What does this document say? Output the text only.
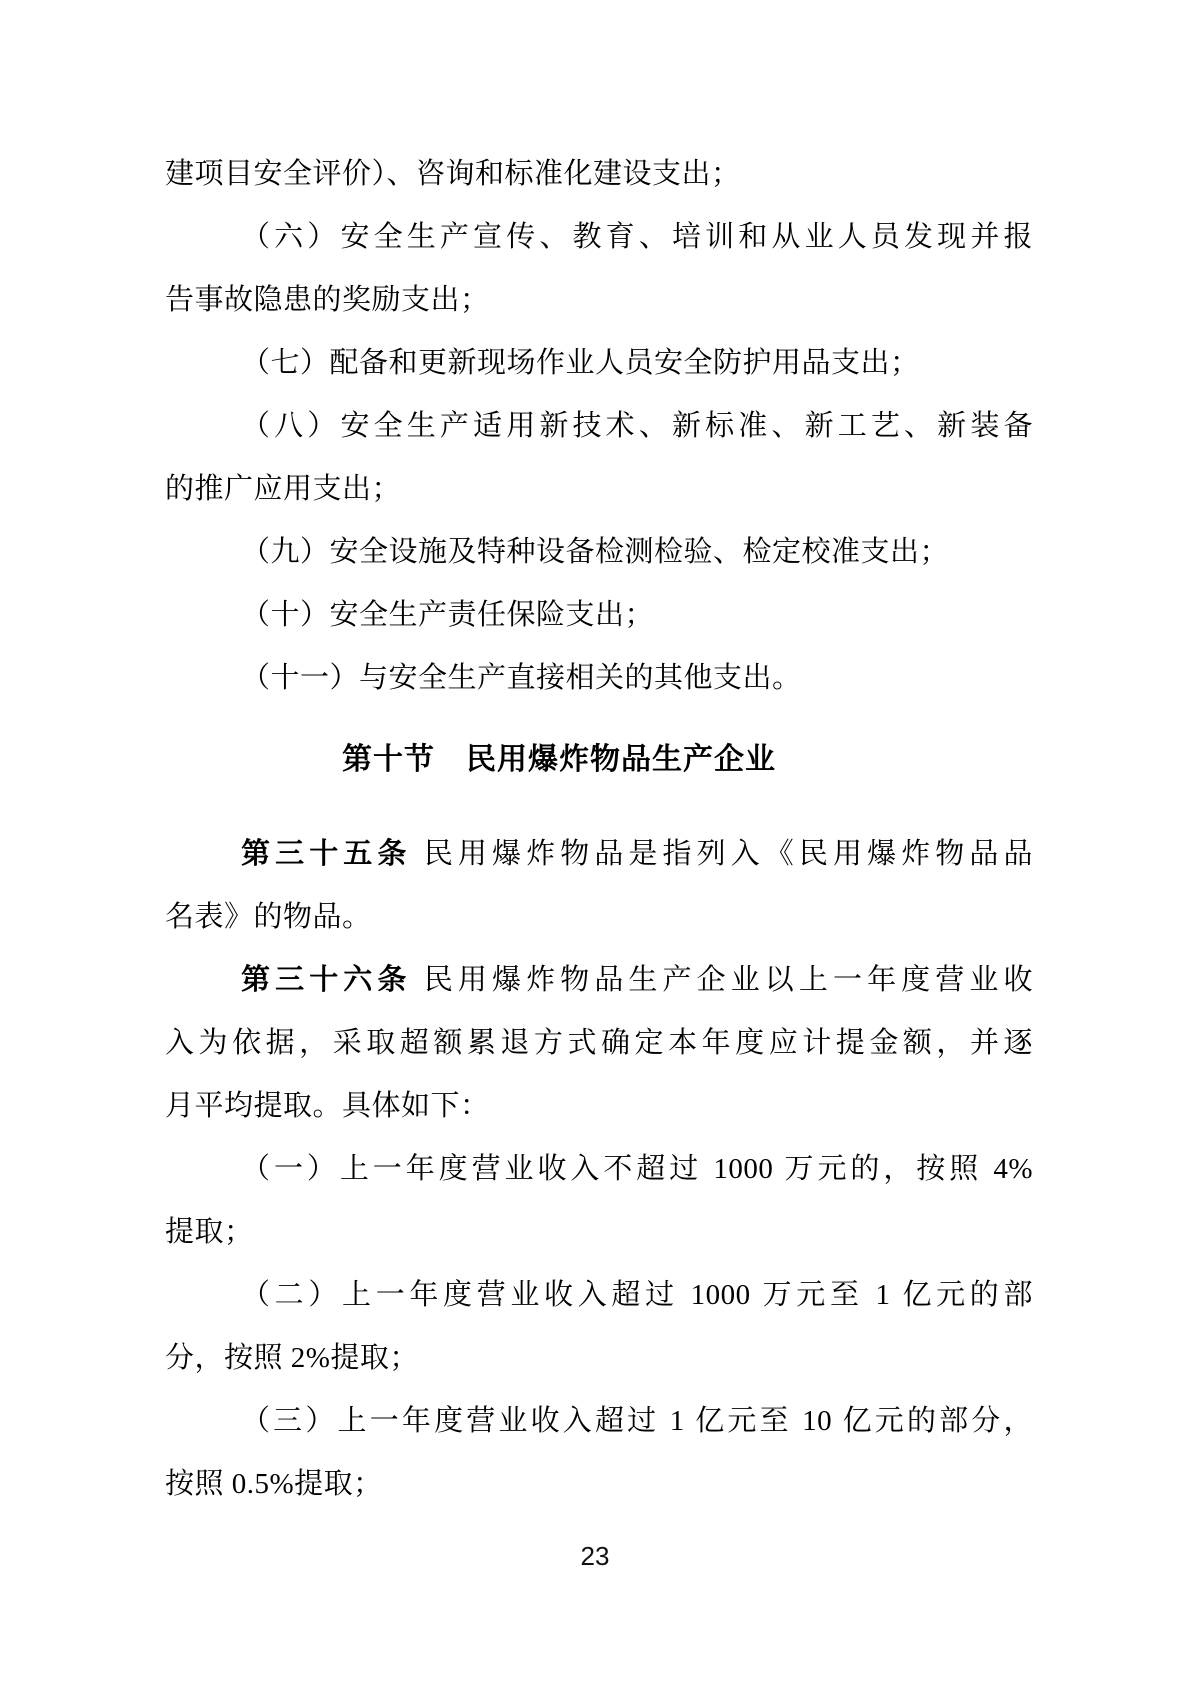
建项目安全评价）、咨询和标准化建设支出；
（六）安全生产宣传、教育、培训和从业人员发现并报
告事故隐患的奖励支出；
（七）配备和更新现场作业人员安全防护用品支出；
（八）安全生产适用新技术、新标准、新工艺、新装备
的推广应用支出；
（九）安全设施及特种设备检测检验、检定校准支出；
（十）安全生产责任保险支出；
（十一）与安全生产直接相关的其他支出。
第十节　民用爆炸物品生产企业
第三十五条 民用爆炸物品是指列入《民用爆炸物品品
名表》的物品。
第三十六条 民用爆炸物品生产企业以上一年度营业收
入为依据，采取超额累退方式确定本年度应计提金额，并逐
月平均提取。具体如下：
（一）上一年度营业收入不超过 1000 万元的，按照 4%
提取；
（二）上一年度营业收入超过 1000 万元至 1 亿元的部
分，按照 2%提取；
（三）上一年度营业收入超过 1 亿元至 10 亿元的部分，
按照 0.5%提取；
23
